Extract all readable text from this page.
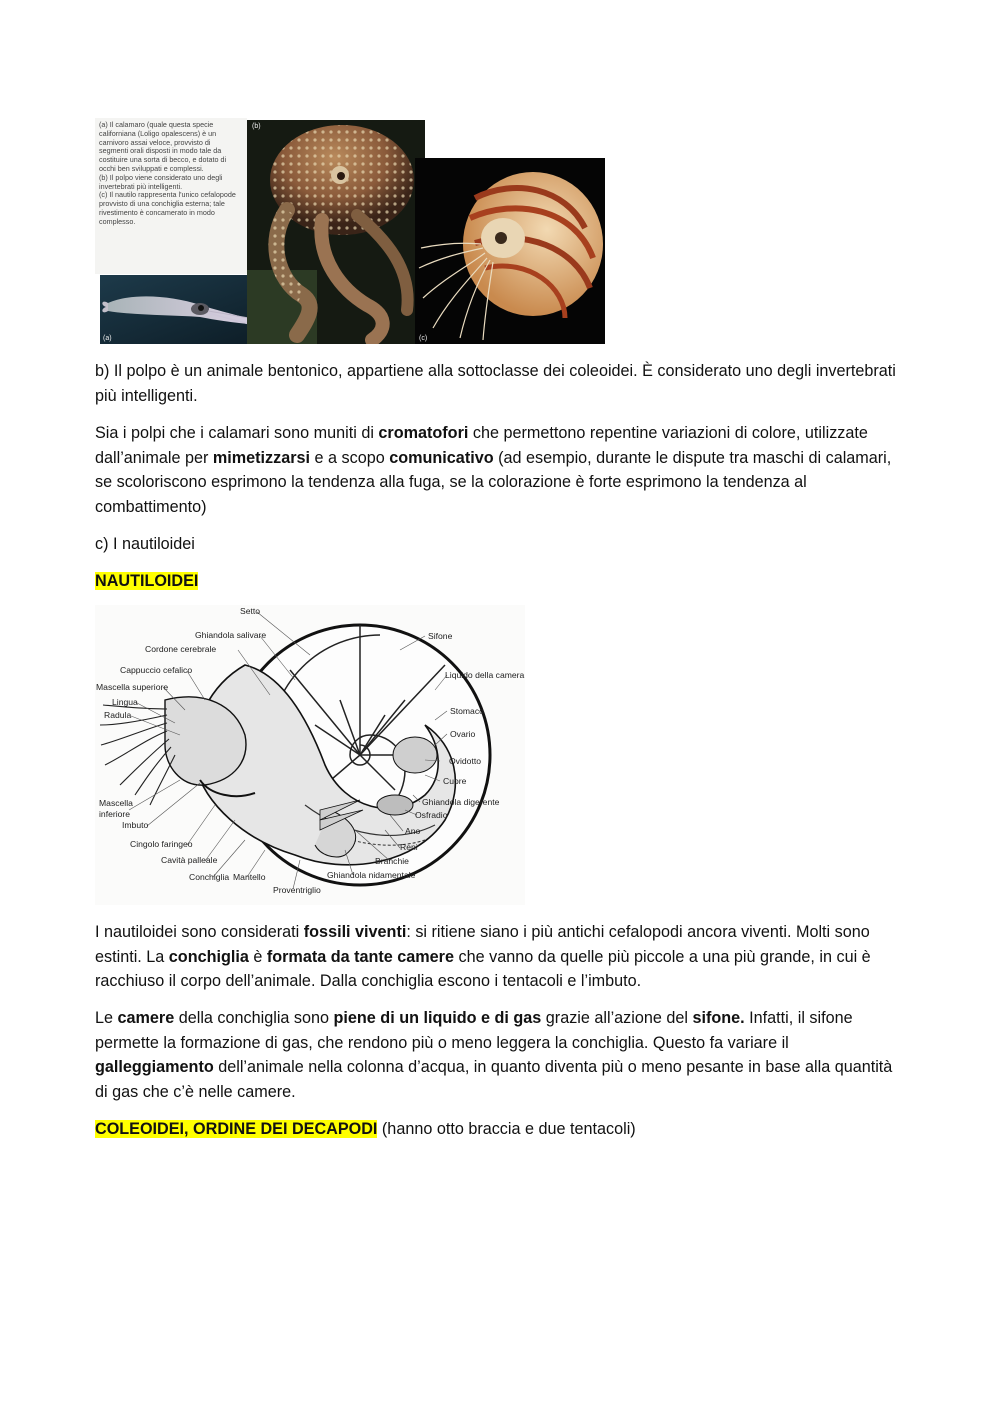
(a) Il calamaro (quale questa specie

californiana (Loligo opalescens) è un

carnivoro assai veloce, provvisto di

segmenti orali disposti in modo tale da

costituire una sorta di becco, e dotato di

occhi ben sviluppati e complessi.

(b) Il polpo viene considerato uno degli

invertebrati più intelligenti.

(c) Il nautilo rappresenta l'unico cefalopode

provvisto di una conchiglia esterna; tale

rivestimento è concamerato in modo

complesso.

(a)
(b)
(c)

b) Il polpo è un animale bentonico, appartiene alla sottoclasse dei coleoidei. È considerato uno degli invertebrati più intelligenti.

Sia i polpi che i calamari sono muniti di cromatofori che permettono repentine variazioni di colore, utilizzate dall’animale per mimetizzarsi e a scopo comunicativo (ad esempio, durante le dispute tra maschi di calamari, se scoloriscono esprimono la tendenza alla fuga, se la colorazione è forte esprimono la tendenza al combattimento)

c) I nautiloidei

NAUTILOIDEI

Setto
Ghiandola salivare
Cordone cerebrale
Cappuccio cefalico
Mascella superiore
Lingua
Radula
Mascella
inferiore
Imbuto
Cingolo faringeo
Cavità palleale
Conchiglia Mantello
Proventriglio
Ghiandola nidamentale
Branchie
Reni
Ano
Osfradio
Ghiandola digerente
Cuore
Ovidotto
Ovario
Stomaco
Liquido della camera
Sifone

I nautiloidei sono considerati fossili viventi: si ritiene siano i più antichi cefalopodi ancora viventi. Molti sono estinti. La conchiglia è formata da tante camere che vanno da quelle più piccole a una più grande, in cui è racchiuso il corpo dell’animale. Dalla conchiglia escono i tentacoli e l’imbuto.

Le camere della conchiglia sono piene di un liquido e di gas grazie all’azione del sifone. Infatti, il sifone permette la formazione di gas, che rendono più o meno leggera la conchiglia. Questo fa variare il galleggiamento dell’animale nella colonna d’acqua, in quanto diventa più o meno pesante in base alla quantità di gas che c’è nelle camere.

COLEOIDEI, ORDINE DEI DECAPODI (hanno otto braccia e due tentacoli)
